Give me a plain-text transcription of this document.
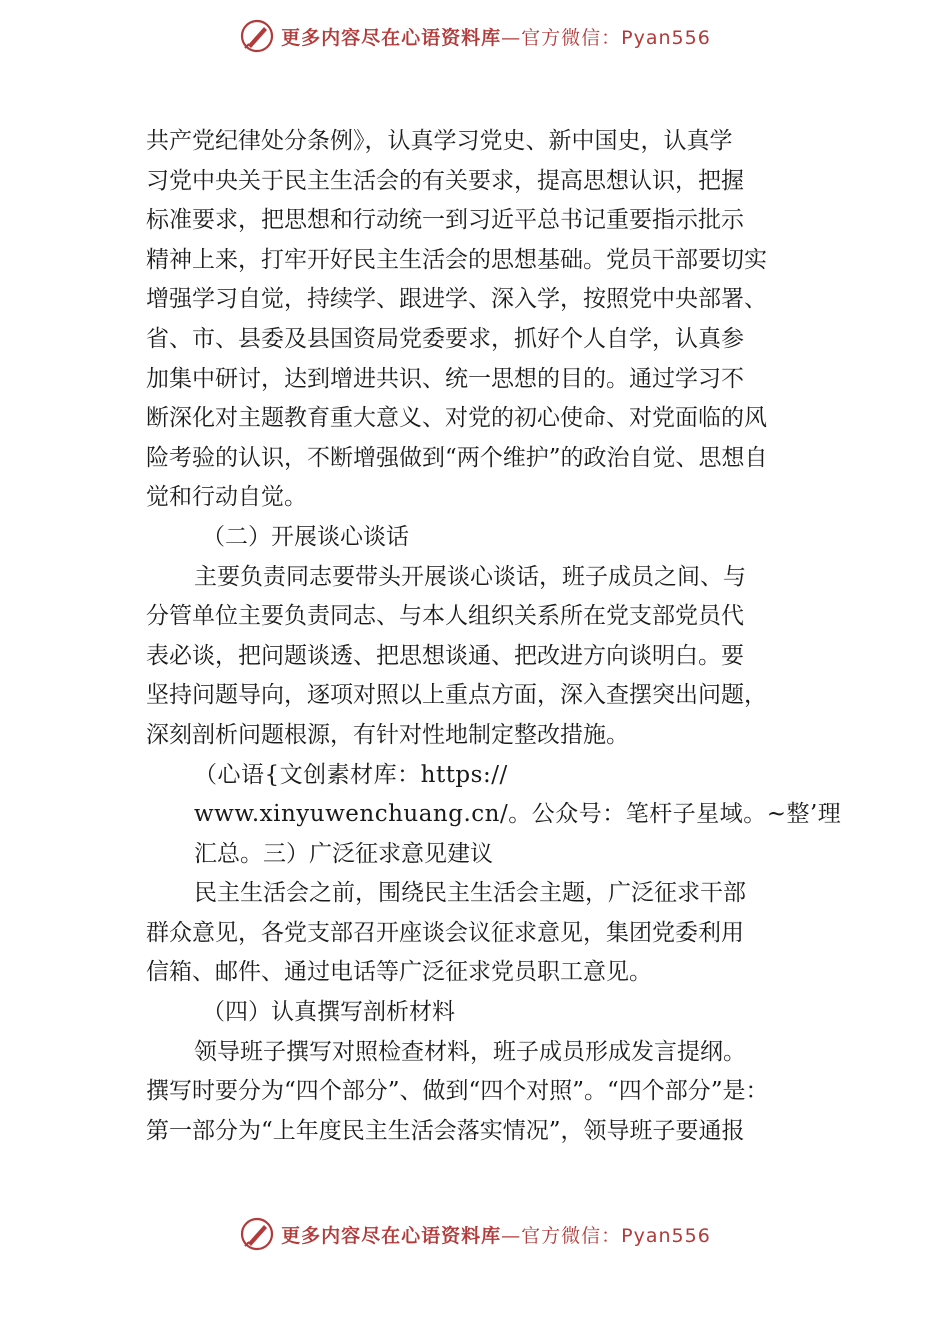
更多内容尽在心语资料库—官方微信：Pyan556
共产党纪律处分条例》，认真学习党史、新中国史，认真学
习党中央关于民主生活会的有关要求，提高思想认识，把握
标准要求，把思想和行动统一到习近平总书记重要指示批示
精神上来，打牢开好民主生活会的思想基础。党员干部要切实
增强学习自觉，持续学、跟进学、深入学，按照党中央部署、
省、市、县委及县国资局党委要求，抓好个人自学，认真参
加集中研讨，达到增进共识、统一思想的目的。通过学习不
断深化对主题教育重大意义、对党的初心使命、对党面临的风
险考验的认识，不断增强做到“两个维护”的政治自觉、思想自
觉和行动自觉。
（二）开展谈心谈话
主要负责同志要带头开展谈心谈话，班子成员之间、与
分管单位主要负责同志、与本人组织关系所在党支部党员代
表必谈，把问题谈透、把思想谈通、把改进方向谈明白。要
坚持问题导向，逐项对照以上重点方面，深入查摆突出问题，
深刻剖析问题根源，有针对性地制定整改措施。
（心语{文创素材库：https://
www.xinyuwenchuang.cn/。公众号：笔杆子星域。~整’理
汇总。三）广泛征求意见建议
民主生活会之前，围绕民主生活会主题，广泛征求干部
群众意见，各党支部召开座谈会议征求意见，集团党委利用
信箱、邮件、通过电话等广泛征求党员职工意见。
（四）认真撰写剖析材料
领导班子撰写对照检查材料，班子成员形成发言提纲。
撰写时要分为“四个部分”、做到“四个对照”。“四个部分”是：
第一部分为“上年度民主生活会落实情况”，领导班子要通报
更多内容尽在心语资料库—官方微信：Pyan556
